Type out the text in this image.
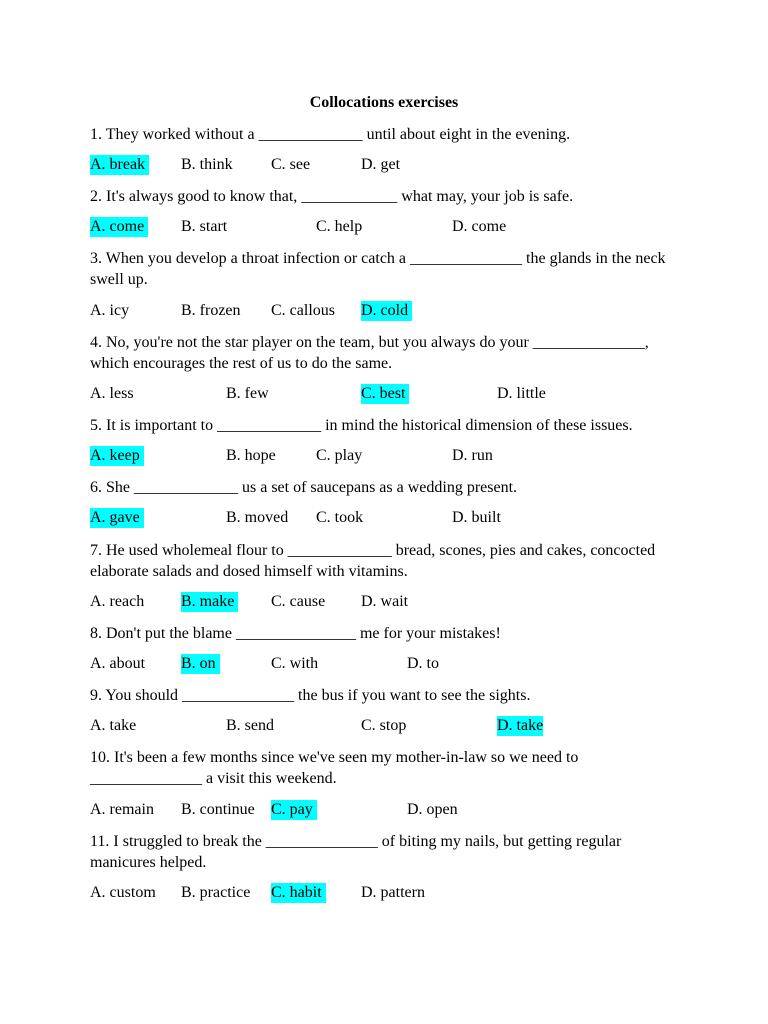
Collocations exercises
1. They worked without a _____________ until about eight in the evening.
A. break B. think C. see	D. get
2. It's always good to know that, ____________ what may, your job is safe.
A. come B. start	C. help	D. come
3. When you develop a throat infection or catch a ______________ the glands in the neck swell up.
A. icy	B. frozen C. callous D. cold
4. No, you're not the star player on the team, but you always do your ______________, which encourages the rest of us to do the same.
A. less	B. few	C. best	D. little
5. It is important to _____________ in mind the historical dimension of these issues.
A. keep	B. hope	C. play	D. run
6. She _____________ us a set of saucepans as a wedding present.
A. gave	B. moved C. took	D. built
7. He used wholemeal flour to _____________ bread, scones, pies and cakes, concocted elaborate salads and dosed himself with vitamins.
A. reach B. make C. cause D. wait
8. Don't put the blame _______________ me for your mistakes!
A. about B. on	C. with	D. to
9. You should ______________ the bus if you want to see the sights.
A. take	B. send	C. stop	D. take
10. It's been a few months since we've seen my mother-in-law so we need to ______________ a visit this weekend.
A. remain B. continue C. pay	D. open
11. I struggled to break the ______________ of biting my nails, but getting regular manicures helped.
A. custom B. practice C. habit D. pattern
